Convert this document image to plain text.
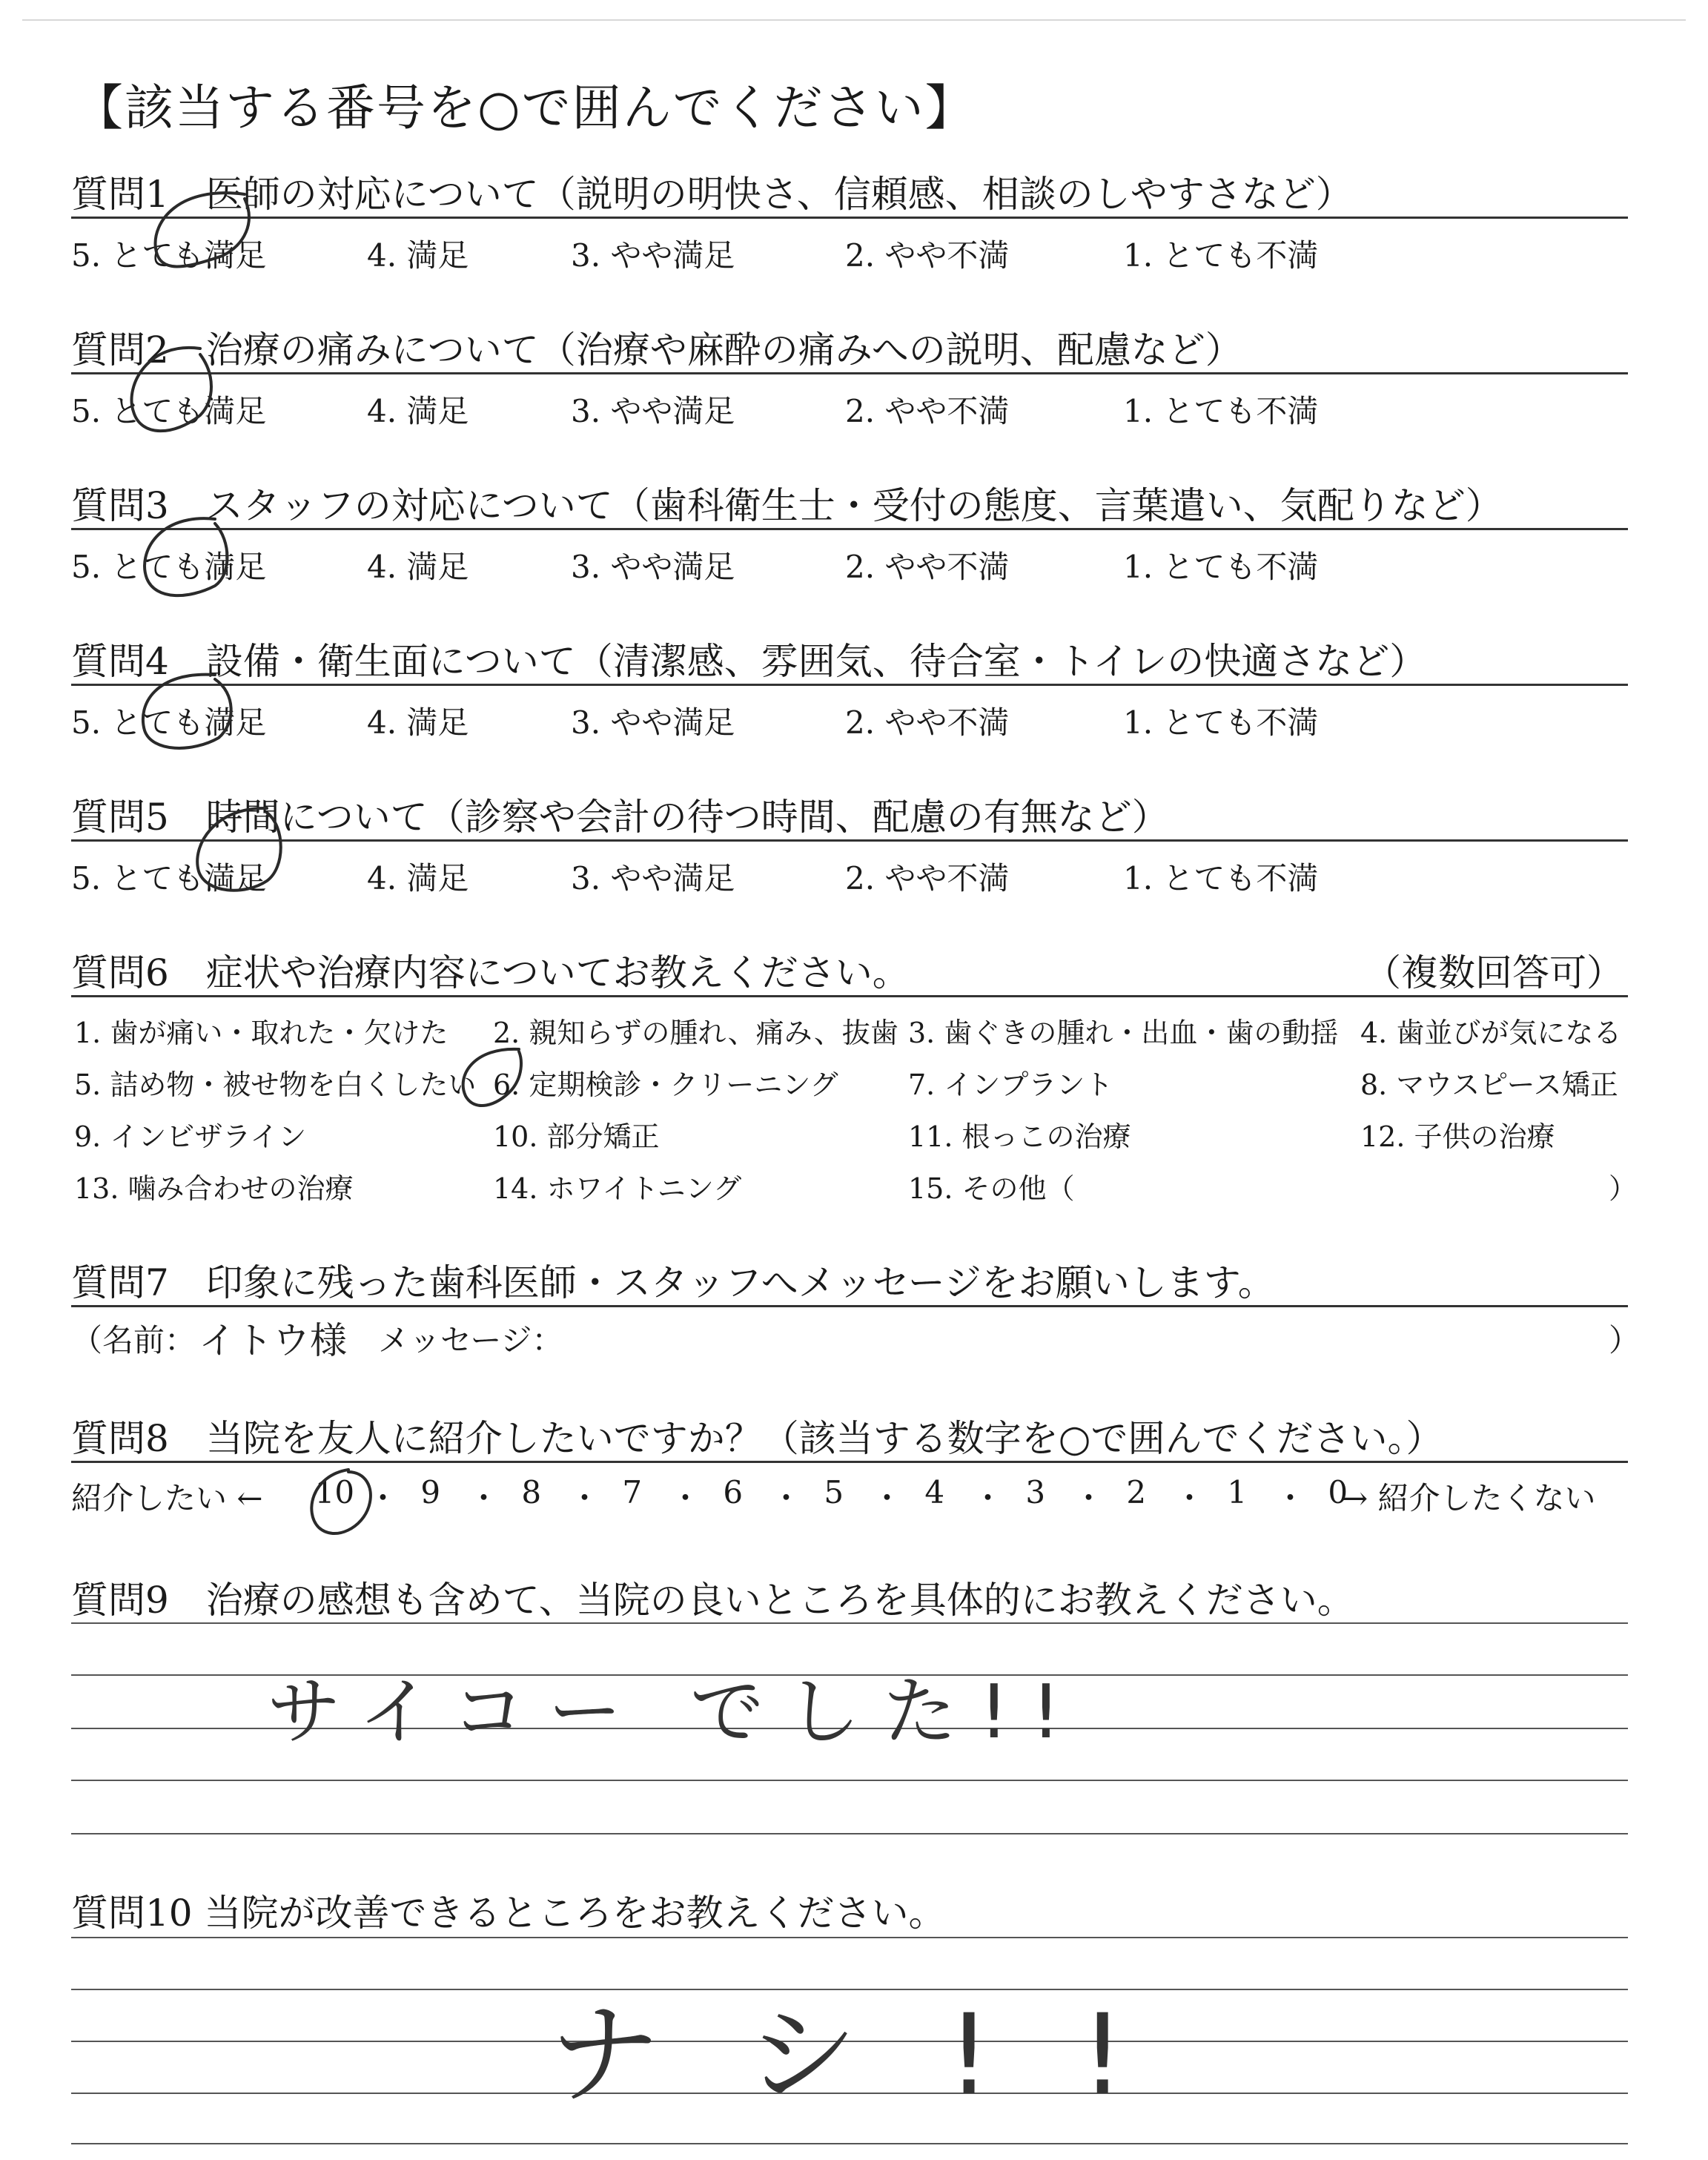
【該当する番号を○で囲んでください】
質問1　医師の対応について（説明の明快さ、信頼感、相談のしやすさなど）
5. とても満足	4. 満足	3. やや満足	2. やや不満	1. とても不満
質問2　治療の痛みについて（治療や麻酔の痛みへの説明、配慮など）
5. とても満足	4. 満足	3. やや満足	2. やや不満	1. とても不満
質問3　スタッフの対応について（歯科衛生士・受付の態度、言葉遣い、気配りなど）
5. とても満足	4. 満足	3. やや満足	2. やや不満	1. とても不満
質問4　設備・衛生面について（清潔感、雰囲気、待合室・トイレの快適さなど）
5. とても満足	4. 満足	3. やや満足	2. やや不満	1. とても不満
質問5　時間について（診察や会計の待つ時間、配慮の有無など）
5. とても満足	4. 満足	3. やや満足	2. やや不満	1. とても不満
質問6　症状や治療内容についてお教えください。	（複数回答可）
1. 歯が痛い・取れた・欠けた 2. 親知らずの腫れ、痛み、抜歯 3. 歯ぐきの腫れ・出血・歯の動揺 4. 歯並びが気になる
5. 詰め物・被せ物を白くしたい 6. 定期検診・クリーニング 7. インプラント	8. マウスピース矯正
9. インビザライン	10. 部分矯正	11. 根っこの治療	12. 子供の治療
13. 噛み合わせの治療	14. ホワイトニング	15. その他（	）
質問7　印象に残った歯科医師・スタッフへメッセージをお願いします。
（名前： イトウ様 メッセージ：	）
質問8　当院を友人に紹介したいですか？（該当する数字を○で囲んでください。）
紹介したい ← 10 ・ 9 ・ 8 ・ 7 ・ 6 ・ 5 ・ 4 ・ 3 ・ 2 ・ 1 ・ 0
→ 紹介したくない
質問9　治療の感想も含めて、当院の良いところを具体的にお教えください。
サイコー でした!!
質問10 当院が改善できるところをお教えください。
ナシ!!
